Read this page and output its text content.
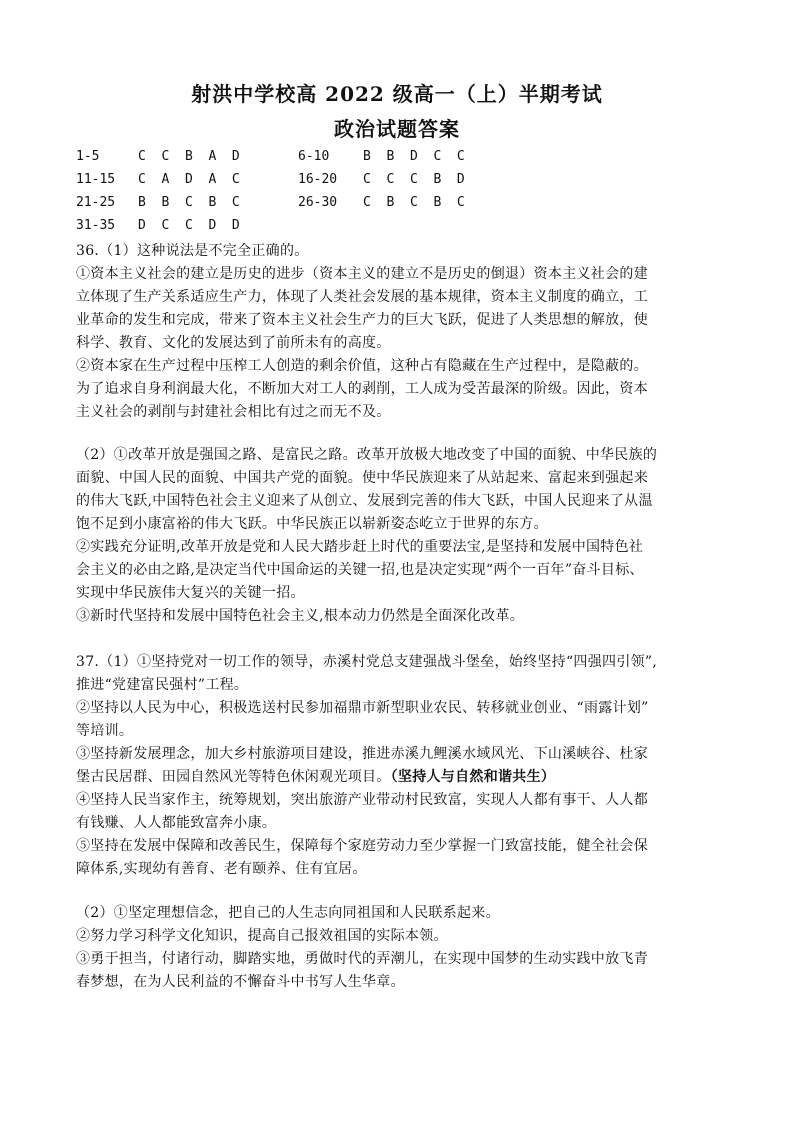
射洪中学校高 2022 级高一（上）半期考试
政治试题答案
1-5	C  C  B  A  D	6-10	B  B  D  C  C
11-15 C  A  D  A  C	16-20 C  C  C  B  D
21-25 B  B  C  B  C	26-30 C  B  C  B  C
31-35 D  C  C  D  D
36.（1）这种说法是不完全正确的。
①资本主义社会的建立是历史的进步（资本主义的建立不是历史的倒退）资本主义社会的建
立体现了生产关系适应生产力，体现了人类社会发展的基本规律，资本主义制度的确立，工
业革命的发生和完成，带来了资本主义社会生产力的巨大飞跃，促进了人类思想的解放，使
科学、教育、文化的发展达到了前所未有的高度。
②资本家在生产过程中压榨工人创造的剩余价值，这种占有隐藏在生产过程中，是隐蔽的。
为了追求自身利润最大化，不断加大对工人的剥削，工人成为受苦最深的阶级。因此，资本
主义社会的剥削与封建社会相比有过之而无不及。
（2）①改革开放是强国之路、是富民之路。改革开放极大地改变了中国的面貌、中华民族的
面貌、中国人民的面貌、中国共产党的面貌。使中华民族迎来了从站起来、富起来到强起来
的伟大飞跃,中国特色社会主义迎来了从创立、发展到完善的伟大飞跃，中国人民迎来了从温
饱不足到小康富裕的伟大飞跃。中华民族正以崭新姿态屹立于世界的东方。
②实践充分证明,改革开放是党和人民大踏步赶上时代的重要法宝,是坚持和发展中国特色社
会主义的必由之路,是决定当代中国命运的关键一招,也是决定实现“两个一百年”奋斗目标、
实现中华民族伟大复兴的关键一招。
③新时代坚持和发展中国特色社会主义,根本动力仍然是全面深化改革。
37.（1）①坚持党对一切工作的领导，赤溪村党总支建强战斗堡垒，始终坚持“四强四引领”,
推进“党建富民强村”工程。
②坚持以人民为中心，积极选送村民参加福鼎市新型职业农民、转移就业创业、“雨露计划”
等培训。
③坚持新发展理念，加大乡村旅游项目建设，推进赤溪九鲤溪水域风光、下山溪峡谷、杜家
堡古民居群、田园自然风光等特色休闲观光项目。（坚持人与自然和谐共生）
④坚持人民当家作主，统筹规划，突出旅游产业带动村民致富，实现人人都有事干、人人都
有钱赚、人人都能致富奔小康。
⑤坚持在发展中保障和改善民生，保障每个家庭劳动力至少掌握一门致富技能，健全社会保
障体系,实现幼有善育、老有颐养、住有宜居。
（2）①坚定理想信念，把自己的人生志向同祖国和人民联系起来。
②努力学习科学文化知识，提高自己报效祖国的实际本领。
③勇于担当，付诸行动，脚踏实地，勇做时代的弄潮儿，在实现中国梦的生动实践中放飞青
春梦想，在为人民利益的不懈奋斗中书写人生华章。
